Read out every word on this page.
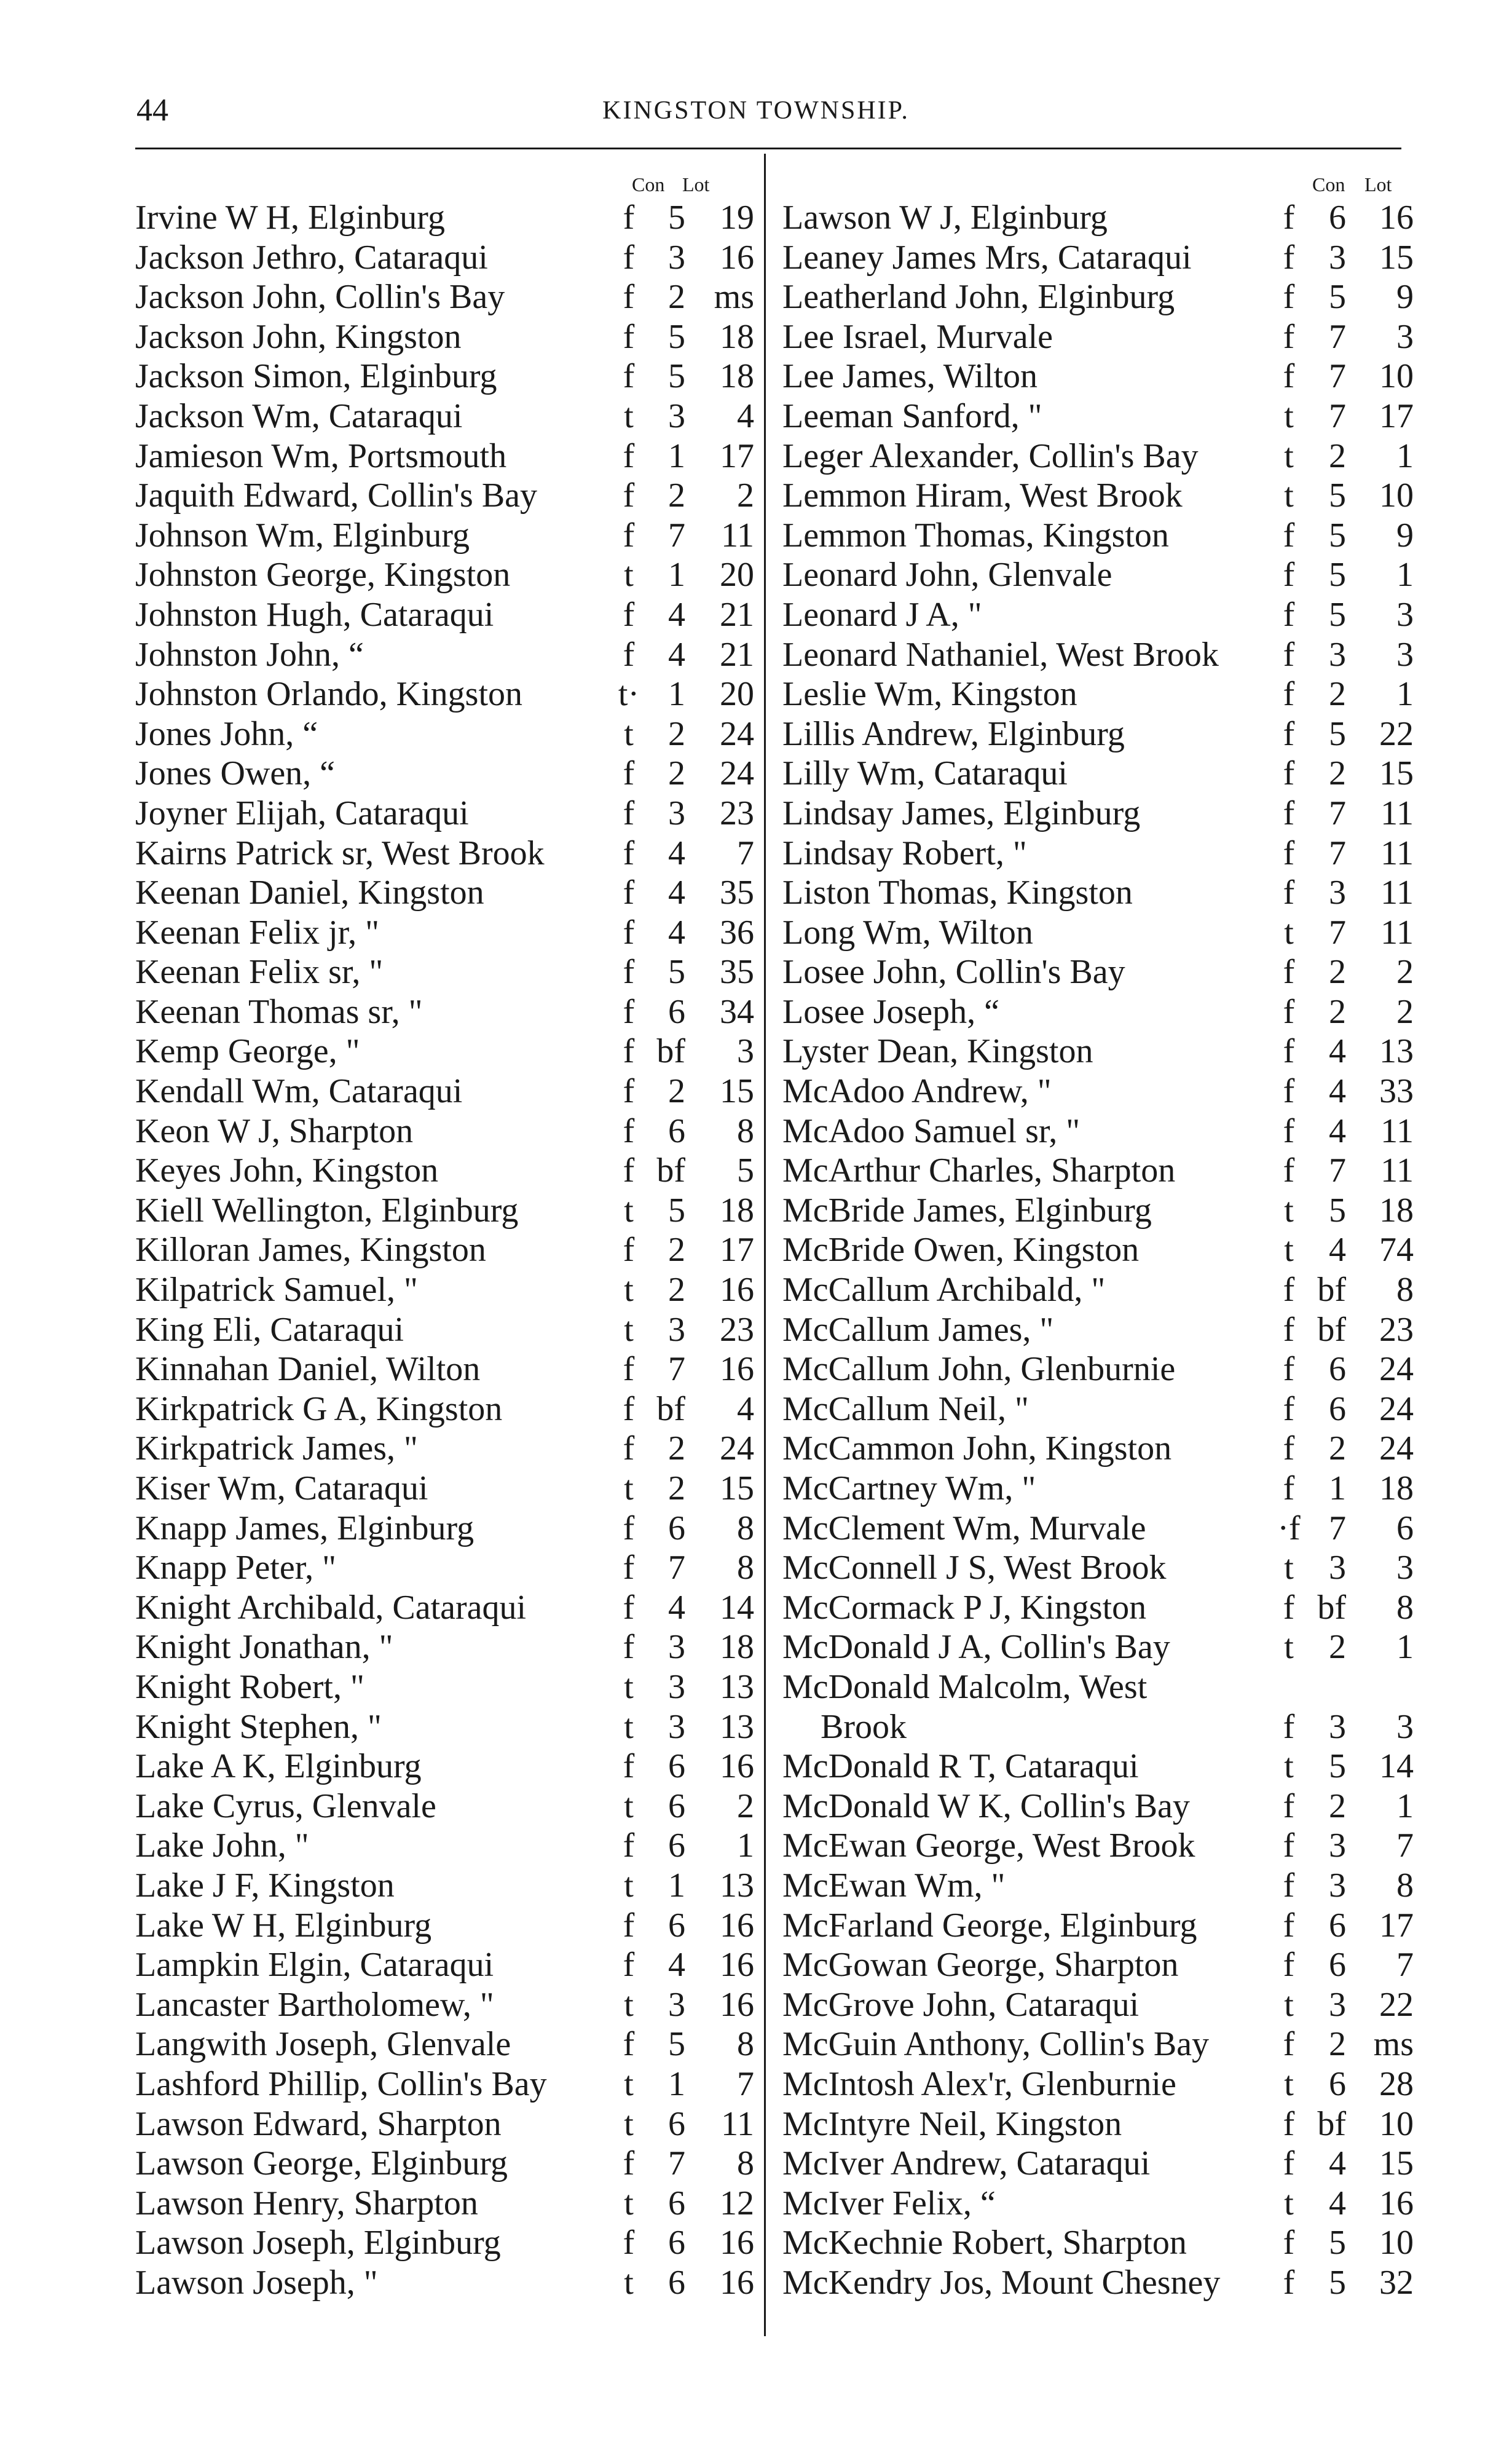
44	KINGSTON TOWNSHIP.
Con Lot
Irvine W H, Elginburg	f 5	19
Jackson Jethro, Cataraqui	f 3	16
Jackson John, Collin's Bay	f 2 ms
Jackson John, Kingston	f 5	18
Jackson Simon, Elginburg	f 5	18
Jackson Wm, Cataraqui	t	3	4
Jamieson Wm, Portsmouth	f 1	17
Jaquith Edward, Collin's Bay f 2	2
Johnson Wm, Elginburg	f 7	11
Johnston George, Kingston	t	1	20
Johnston Hugh, Cataraqui	f 4	21
Johnston John, “	f 4	21
Johnston Orlando, Kingston	t· 1	20
Jones John, “	t	2	24
Jones Owen, “	f 2	24
Joyner Elijah, Cataraqui	f 3	23
Kairns Patrick sr, West Brook f 4	7
Keenan Daniel, Kingston	f 4	35
Keenan Felix jr, "	f 4	36
Keenan Felix sr, "	f 5	35
Keenan Thomas sr, "	f 6	34
Kemp George, "	f bf	3
Kendall Wm, Cataraqui	f 2	15
Keon W J, Sharpton	f 6	8
Keyes John, Kingston	f bf	5
Kiell Wellington, Elginburg	t	5	18
Killoran James, Kingston	f 2	17
Kilpatrick Samuel, "	t	2	16
King Eli, Cataraqui	t	3	23
Kinnahan Daniel, Wilton	f 7	16
Kirkpatrick G A, Kingston	f bf	4
Kirkpatrick James, "	f 2	24
Kiser Wm, Cataraqui	t	2	15
Knapp James, Elginburg	f 6	8
Knapp Peter, "	f 7	8
Knight Archibald, Cataraqui	f 4	14
Knight Jonathan, "	f 3	18
Knight Robert, "	t	3	13
Knight Stephen, "	t	3	13
Lake A K, Elginburg	f 6	16
Lake Cyrus, Glenvale	t	6	2
Lake John, "	f 6	1
Lake J F, Kingston	t	1	13
Lake W H, Elginburg	f 6	16
Lampkin Elgin, Cataraqui	f 4	16
Lancaster Bartholomew, "	t	3	16
Langwith Joseph, Glenvale	f 5	8
Lashford Phillip, Collin's Bay t	1	7
Lawson Edward, Sharpton	t	6	11
Lawson George, Elginburg	f 7	8
Lawson Henry, Sharpton	t	6	12
Lawson Joseph, Elginburg	f 6	16
Lawson Joseph, "	t	6	16
Con Lot
Lawson W J, Elginburg	f 6 16
Leaney James Mrs, Cataraqui	f 3 15
Leatherland John, Elginburg	f 5	9
Lee Israel, Murvale	f 7	3
Lee James, Wilton	f 7 10
Leeman Sanford, "	t	7 17
Leger Alexander, Collin's Bay t	2	1
Lemmon Hiram, West Brook	t	5 10
Lemmon Thomas, Kingston	f 5	9
Leonard John, Glenvale	f 5	1
Leonard J A, "	f 5	3
Leonard Nathaniel, West Brook f 3	3
Leslie Wm, Kingston	f 2	1
Lillis Andrew, Elginburg	f 5 22
Lilly Wm, Cataraqui	f 2 15
Lindsay James, Elginburg	f 7	11
Lindsay Robert, "	f 7	11
Liston Thomas, Kingston	f 3	11
Long Wm, Wilton	t	7	11
Losee John, Collin's Bay	f 2	2
Losee Joseph, “	f 2	2
Lyster Dean, Kingston	f 4 13
McAdoo Andrew, "	f 4 33
McAdoo Samuel sr, "	f 4	11
McArthur Charles, Sharpton	f 7	11
McBride James, Elginburg	t	5 18
McBride Owen, Kingston	t	4 74
McCallum Archibald, "	f bf	8
McCallum James, "	f bf 23
McCallum John, Glenburnie	f 6 24
McCallum Neil, "	f 6 24
McCammon John, Kingston	f 2 24
McCartney Wm, "	f 1 18
McClement Wm, Murvale	·f 7	6
McConnell J S, West Brook	t	3	3
McCormack P J, Kingston	f bf	8
McDonald J A, Collin's Bay	t	2	1
McDonald Malcolm, West
Brook	f 3	3
McDonald R T, Cataraqui	t	5 14
McDonald W K, Collin's Bay	f 2	1
McEwan George, West Brook	f 3	7
McEwan Wm, "	f 3	8
McFarland George, Elginburg	f 6 17
McGowan George, Sharpton	f 6	7
McGrove John, Cataraqui	t	3 22
McGuin Anthony, Collin's Bay f 2 ms
McIntosh Alex'r, Glenburnie	t	6 28
McIntyre Neil, Kingston	f bf 10
McIver Andrew, Cataraqui	f 4 15
McIver Felix, “	t	4 16
McKechnie Robert, Sharpton	f 5 10
McKendry Jos, Mount Chesney f 5 32
